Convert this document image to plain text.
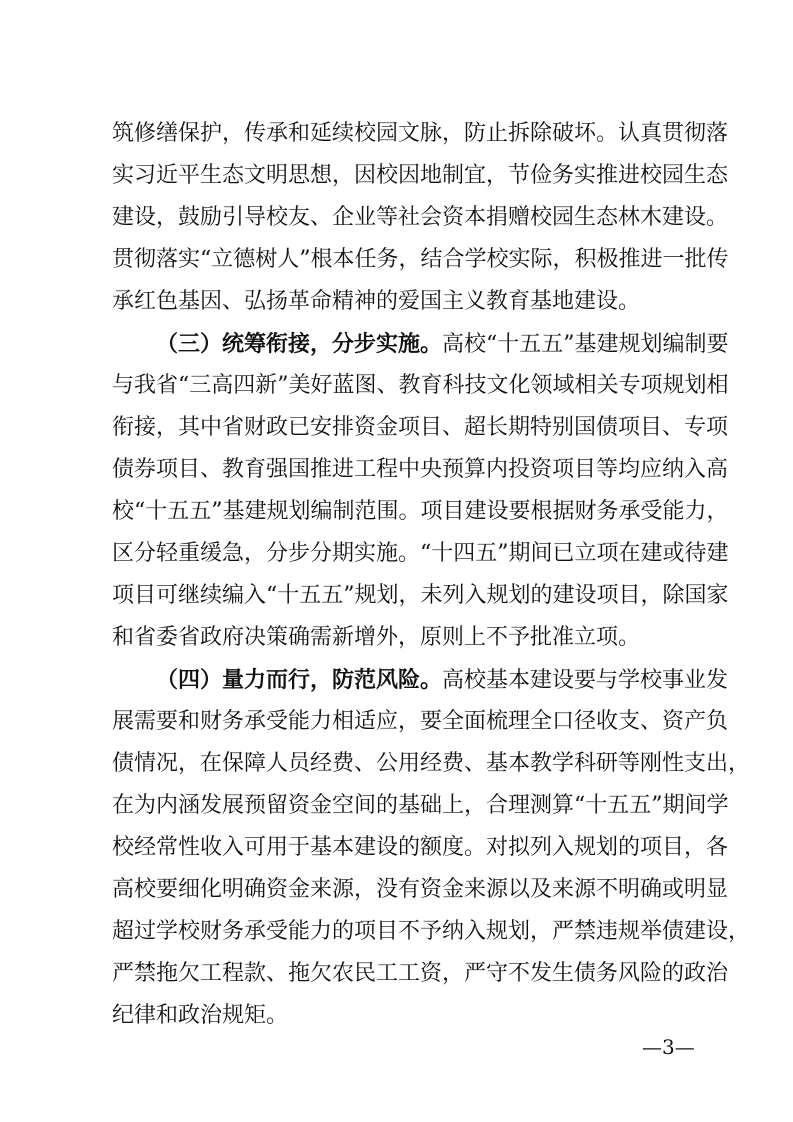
筑修缮保护，传承和延续校园文脉，防止拆除破坏。认真贯彻落
实习近平生态文明思想，因校因地制宜，节俭务实推进校园生态
建设，鼓励引导校友、企业等社会资本捐赠校园生态林木建设。
贯彻落实“立德树人”根本任务，结合学校实际，积极推进一批传
承红色基因、弘扬革命精神的爱国主义教育基地建设。
（三）统筹衔接，分步实施。高校“十五五”基建规划编制要
与我省“三高四新”美好蓝图、教育科技文化领域相关专项规划相
衔接，其中省财政已安排资金项目、超长期特别国债项目、专项
债券项目、教育强国推进工程中央预算内投资项目等均应纳入高
校“十五五”基建规划编制范围。项目建设要根据财务承受能力，
区分轻重缓急，分步分期实施。“十四五”期间已立项在建或待建
项目可继续编入“十五五”规划，未列入规划的建设项目，除国家
和省委省政府决策确需新增外，原则上不予批准立项。
（四）量力而行，防范风险。高校基本建设要与学校事业发
展需要和财务承受能力相适应，要全面梳理全口径收支、资产负
债情况，在保障人员经费、公用经费、基本教学科研等刚性支出，
在为内涵发展预留资金空间的基础上，合理测算“十五五”期间学
校经常性收入可用于基本建设的额度。对拟列入规划的项目，各
高校要细化明确资金来源，没有资金来源以及来源不明确或明显
超过学校财务承受能力的项目不予纳入规划，严禁违规举债建设，
严禁拖欠工程款、拖欠农民工工资，严守不发生债务风险的政治
纪律和政治规矩。
—3—
